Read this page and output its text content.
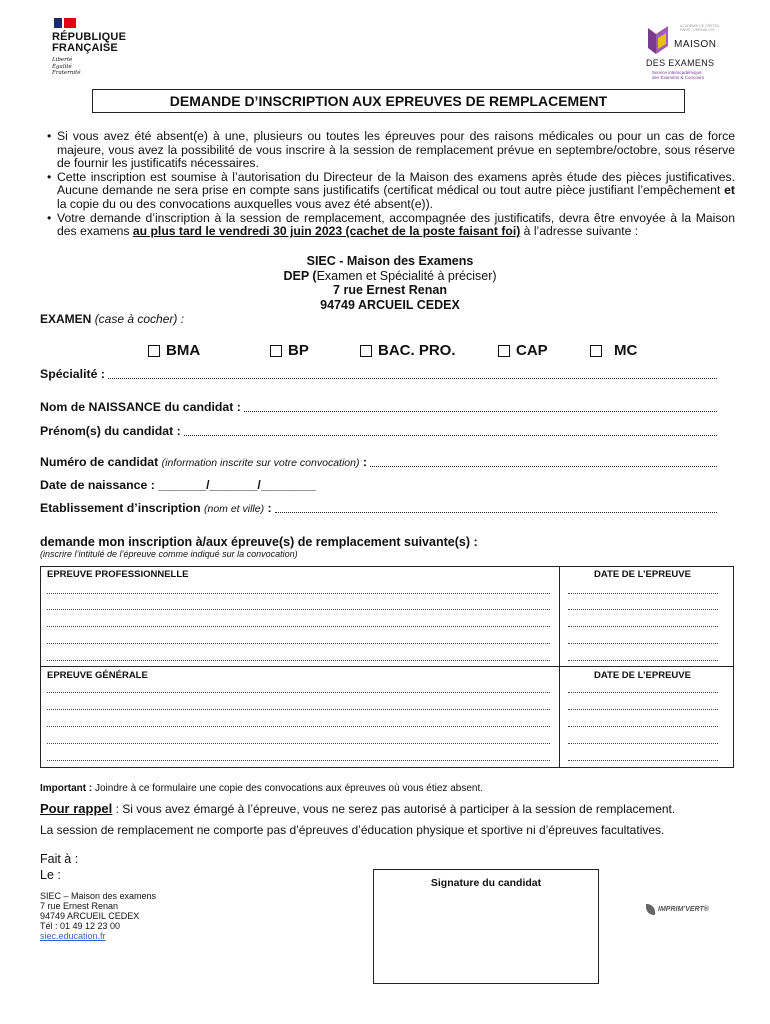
RÉPUBLIQUE
FRANÇAISE
Liberté
Égalité
Fraternité
ACADÉMIE DE CRÉTEIL PARIS - VERSAILLES
MAISON
DES EXAMENS
Service interacadémique
des Examens & Concours
DEMANDE D’INSCRIPTION AUX EPREUVES DE REMPLACEMENT
• Si vous avez été absent(e) à une, plusieurs ou toutes les épreuves pour des raisons médicales ou pour un cas de force majeure, vous avez la possibilité de vous inscrire à la session de remplacement prévue en septembre/octobre, sous réserve de fournir les justificatifs nécessaires.
• Cette inscription est soumise à l’autorisation du Directeur de la Maison des examens après étude des pièces justificatives. Aucune demande ne sera prise en compte sans justificatifs (certificat médical ou tout autre pièce justifiant l’empêchement et la copie du ou des convocations auxquelles vous avez été absent(e)).
• Votre demande d’inscription à la session de remplacement, accompagnée des justificatifs, devra être envoyée à la Maison des examens au plus tard le vendredi 30 juin 2023 (cachet de la poste faisant foi) à l’adresse suivante :
SIEC - Maison des Examens
DEP (Examen et Spécialité à préciser)
7 rue Ernest Renan
94749 ARCUEIL CEDEX
EXAMEN (case à cocher) :
BMA	BP	BAC. PRO.	CAP	MC
Spécialité :
Nom de NAISSANCE du candidat :
Prénom(s) du candidat :
Numéro de candidat (information inscrite sur votre convocation) :
Date de naissance : _______/_______/________
Etablissement d’inscription (nom et ville) :
demande mon inscription à/aux épreuve(s) de remplacement suivante(s) :
(inscrire l’intitulé de l’épreuve comme indiqué sur la convocation)
EPREUVE PROFESSIONNELLE	DATE DE L’EPREUVE
EPREUVE GÉNÉRALE	DATE DE L’EPREUVE
Important : Joindre à ce formulaire une copie des convocations aux épreuves où vous étiez absent.
Pour rappel : Si vous avez émargé à l’épreuve, vous ne serez pas autorisé à participer à la session de remplacement.
La session de remplacement ne comporte pas d’épreuves d’éducation physique et sportive ni d’épreuves facultatives.
Fait à :
Le :
SIEC – Maison des examens
7 rue Ernest Renan
94749 ARCUEIL CEDEX
Tél : 01 49 12 23 00
siec.education.fr
Signature du candidat
IMPRIM’VERT®
